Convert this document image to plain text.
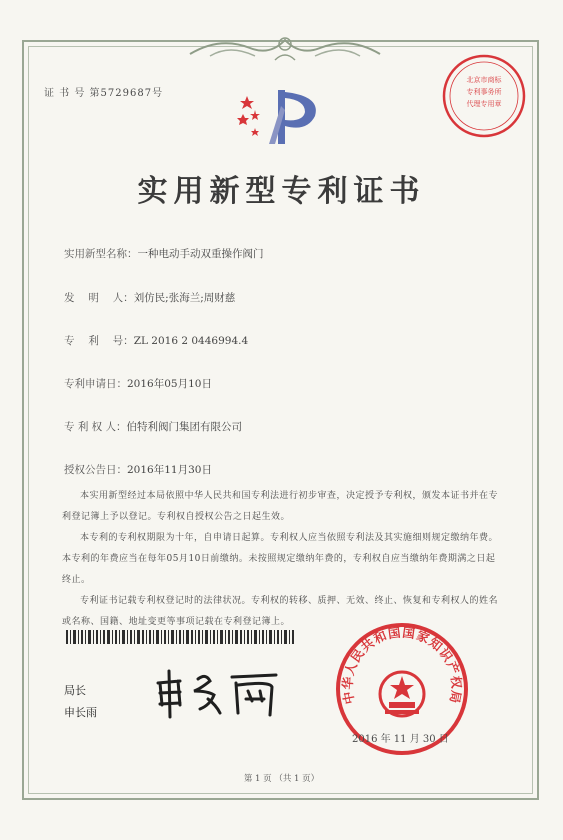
证 书 号 第5729687号
北京市商标
专利事务所
代理专用章
实用新型专利证书
实用新型名称：一种电动手动双重操作阀门
发　 明　 人：刘仿民;张海兰;周财慈
专　 利　 号：ZL 2016 2 0446994.4
专利申请日：2016年05月10日
专 利 权 人：伯特利阀门集团有限公司
授权公告日：2016年11月30日

本实用新型经过本局依照中华人民共和国专利法进行初步审查，决定授予专利权，颁发本证书并在专利登记簿上予以登记。专利权自授权公告之日起生效。

本专利的专利权期限为十年，自申请日起算。专利权人应当依照专利法及其实施细则规定缴纳年费。本专利的年费应当在每年05月10日前缴纳。未按照规定缴纳年费的，专利权自应当缴纳年费期满之日起终止。

专利证书记载专利权登记时的法律状况。专利权的转移、质押、无效、终止、恢复和专利权人的姓名或名称、国籍、地址变更等事项记载在专利登记簿上。

局长
申长雨
中华人民共和国国家知识产权局
2016 年 11 月 30 日
第 1 页 （共 1 页）
